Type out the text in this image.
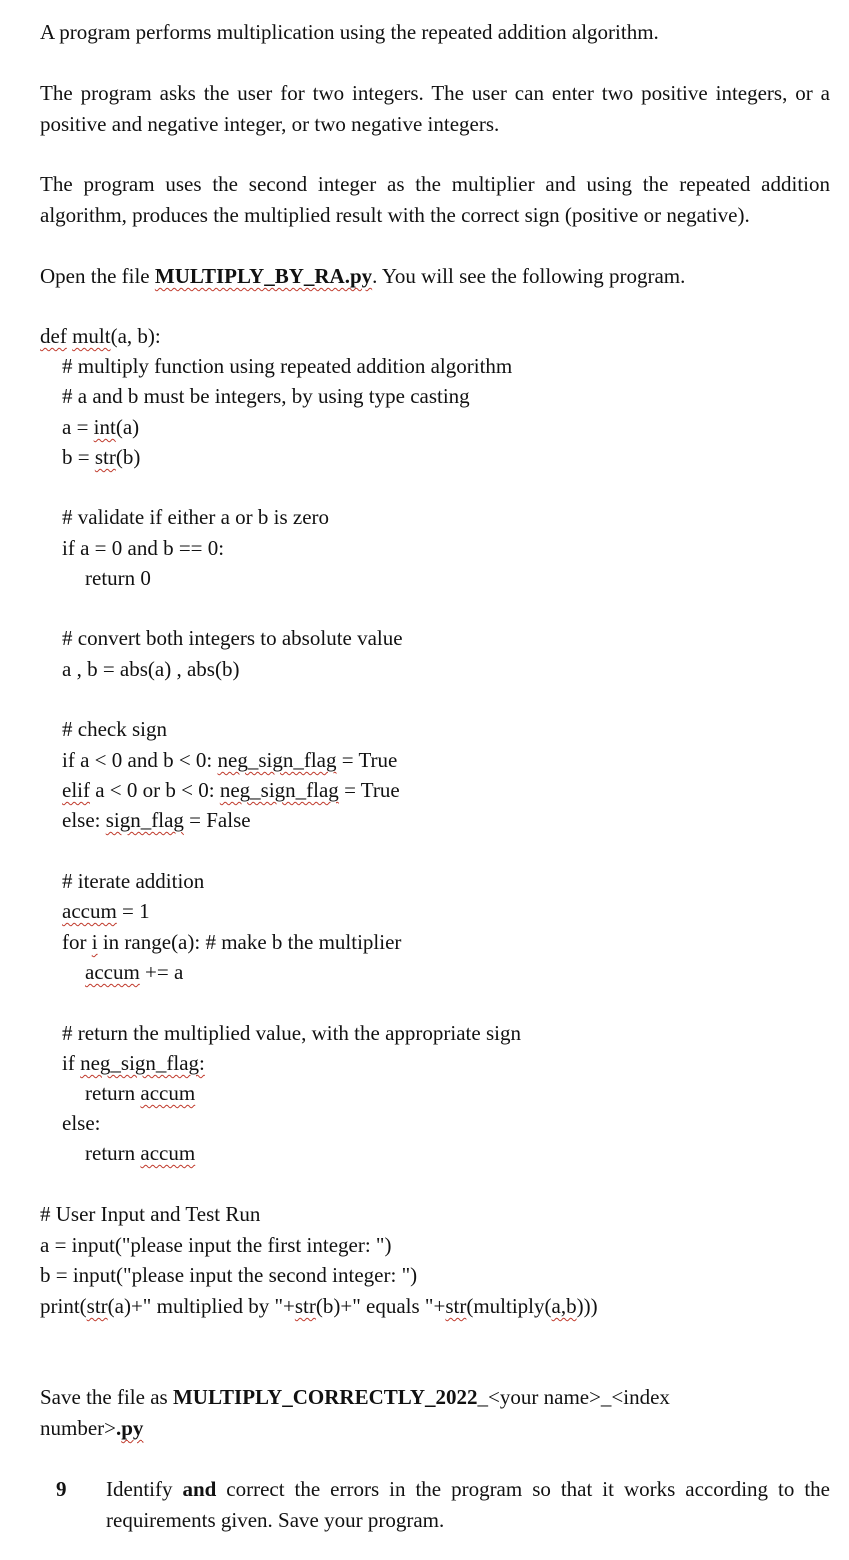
A program performs multiplication using the repeated addition algorithm.
The program asks the user for two integers. The user can enter two positive integers, or a positive and negative integer, or two negative integers.
The program uses the second integer as the multiplier and using the repeated addition algorithm, produces the multiplied result with the correct sign (positive or negative).
Open the file MULTIPLY_BY_RA.py. You will see the following program.
def mult(a, b):
# multiply function using repeated addition algorithm
# a and b must be integers, by using type casting
a = int(a)
b = str(b)
# validate if either a or b is zero
if a = 0 and b == 0:
return 0
# convert both integers to absolute value
a , b = abs(a) , abs(b)
# check sign
if a < 0 and b < 0: neg_sign_flag = True
elif a < 0 or b < 0: neg_sign_flag = True
else: sign_flag = False
# iterate addition
accum = 1
for i in range(a): # make b the multiplier
accum += a
# return the multiplied value, with the appropriate sign
if neg_sign_flag:
return accum
else:
return accum
# User Input and Test Run
a = input("please input the first integer: ")
b = input("please input the second integer: ")
print(str(a)+" multiplied by "+str(b)+" equals "+str(multiply(a,b)))
Save the file as MULTIPLY_CORRECTLY_2022_<your name>_<index
number>.py
9 Identify and correct the errors in the program so that it works according to the requirements given. Save your program.
